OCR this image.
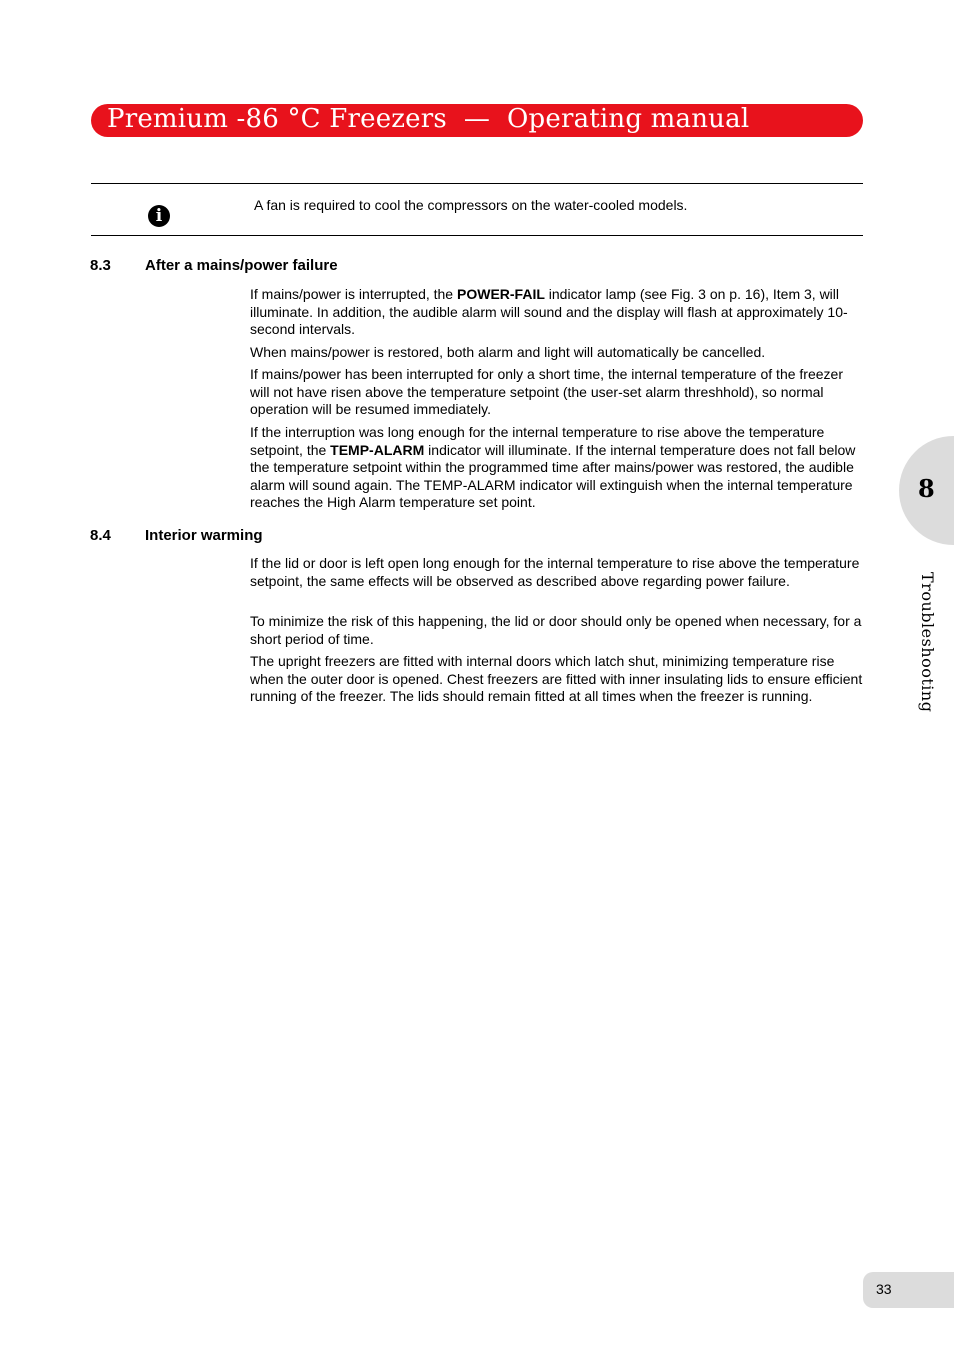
Premium -86 °C Freezers  —  Operating manual
i
A fan is required to cool the compressors on the water-cooled models.
8.3 After a mains/power failure
If mains/power is interrupted, the POWER-FAIL indicator lamp (see Fig. 3 on p. 16), Item 3, will illuminate. In addition, the audible alarm will sound and the display will flash at approximately 10-second intervals.
When mains/power is restored, both alarm and light will automatically be cancelled.
If mains/power has been interrupted for only a short time, the internal temperature of the freezer will not have risen above the temperature setpoint (the user-set alarm threshhold), so normal operation will be resumed immediately.
If the interruption was long enough for the internal temperature to rise above the temperature setpoint, the TEMP-ALARM indicator will illuminate. If the internal temperature does not fall below the temperature setpoint within the programmed time after mains/power was restored, the audible alarm will sound again. The TEMP-ALARM indicator will extinguish when the internal temperature reaches the High Alarm temperature set point.
8.4 Interior warming
If the lid or door is left open long enough for the internal temperature to rise above the temperature setpoint, the same effects will be observed as described above regarding power failure.
To minimize the risk of this happening, the lid or door should only be opened when necessary, for a short period of time.
The upright freezers are fitted with internal doors which latch shut, minimizing temperature rise when the outer door is opened. Chest freezers are fitted with inner insulating lids to ensure efficient running of the freezer. The lids should remain fitted at all times when the freezer is running.
8
Troubleshooting
33
